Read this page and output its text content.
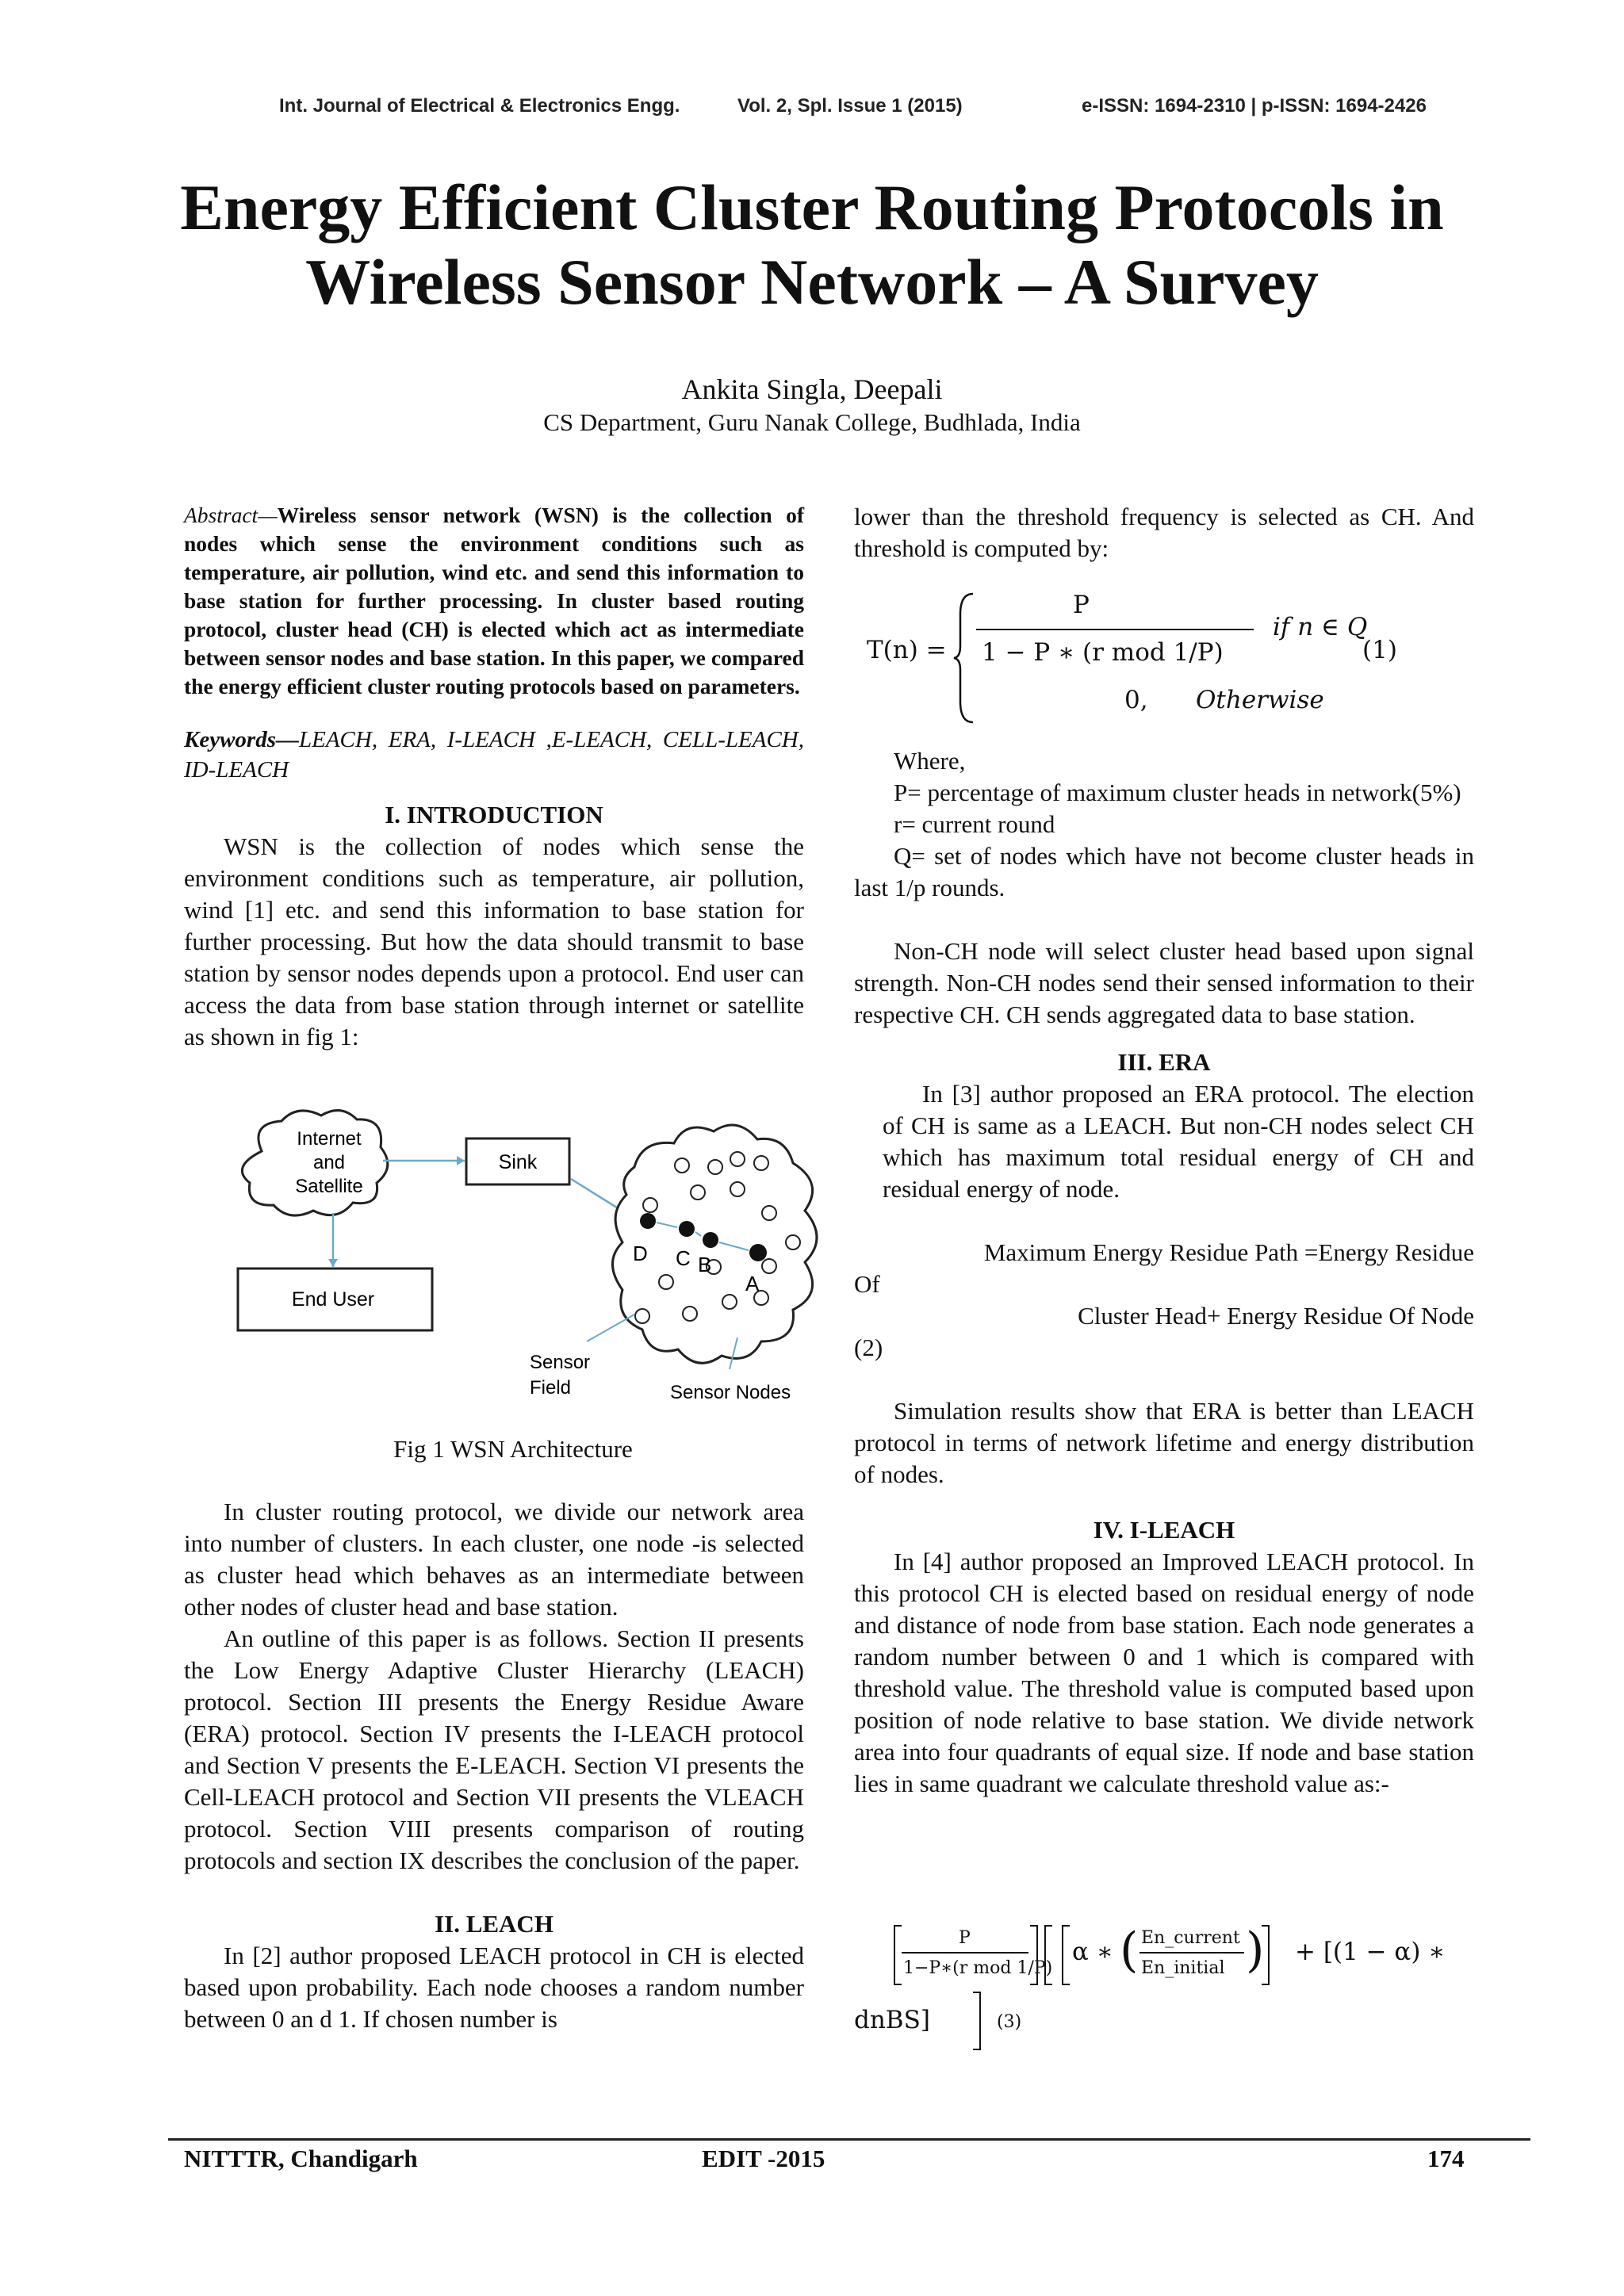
Int. Journal of Electrical & Electronics Engg.	Vol. 2, Spl. Issue 1 (2015)	e-ISSN: 1694-2310 | p-ISSN: 1694-2426
Energy Efficient Cluster Routing Protocols in
Wireless Sensor Network – A Survey
Ankita Singla, Deepali
CS Department, Guru Nanak College, Budhlada, India

Abstract—Wireless sensor network (WSN) is the collection of nodes which sense the environment conditions such as temperature, air pollution, wind etc. and send this information to base station for further processing. In cluster based routing protocol, cluster head (CH) is elected which act as intermediate between sensor nodes and base station. In this paper, we compared the energy efficient cluster routing protocols based on parameters.

Keywords—LEACH, ERA, I-LEACH ,E-LEACH, CELL-LEACH, ID-LEACH

I. INTRODUCTION

WSN is the collection of nodes which sense the environment conditions such as temperature, air pollution, wind [1] etc. and send this information to base station for further processing. But how the data should transmit to base station by sensor nodes depends upon a protocol. End user can access the data from base station through internet or satellite as shown in fig 1:

Internet
and
Satellite
Sink
End User
D C B
A
Sensor
Field	Sensor Nodes
Fig 1 WSN Architecture

In cluster routing protocol, we divide our network area into number of clusters. In each cluster, one node -is selected as cluster head which behaves as an intermediate between other nodes of cluster head and base station.

An outline of this paper is as follows. Section II presents the Low Energy Adaptive Cluster Hierarchy (LEACH) protocol. Section III presents the Energy Residue Aware (ERA) protocol. Section IV presents the I-LEACH protocol and Section V presents the E-LEACH. Section VI presents the Cell-LEACH protocol and Section VII presents the VLEACH protocol. Section VIII presents comparison of routing protocols and section IX describes the conclusion of the paper.

II. LEACH

In [2] author proposed LEACH protocol in CH is elected based upon probability. Each node chooses a random number between 0 an d 1. If chosen number is

lower than the threshold frequency is selected as CH. And threshold is computed by:

T(n) =
P
1 − P ∗ (r mod 1/P)
if n ∈ Q
0, Otherwise
(1)

Where,

P= percentage of maximum cluster heads in network(5%)

r= current round

Q= set of nodes which have not become cluster heads in last 1/p rounds.

Non-CH node will select cluster head based upon signal strength. Non-CH nodes send their sensed information to their respective CH. CH sends aggregated data to base station.

III. ERA

In [3] author proposed an ERA protocol. The election of CH is same as a LEACH. But non-CH nodes select CH which has maximum total residual energy of CH and residual energy of node.

Maximum Energy Residue Path =Energy Residue

Of

Cluster Head+ Energy Residue Of Node

(2)

Simulation results show that ERA is better than LEACH protocol in terms of network lifetime and energy distribution of nodes.

IV. I-LEACH

In [4] author proposed an Improved LEACH protocol. In this protocol CH is elected based on residual energy of node and distance of node from base station. Each node generates a random number between 0 and 1 which is compared with threshold value. The threshold value is computed based upon position of node relative to base station. We divide network area into four quadrants of equal size. If node and base station lies in same quadrant we calculate threshold value as:-

P
1−P∗(r mod 1/P)
α ∗ ( En_current
En_initial ) + [(1 − α) ∗
dnBS]	(3)
NITTTR, Chandigarh	EDIT -2015	174
